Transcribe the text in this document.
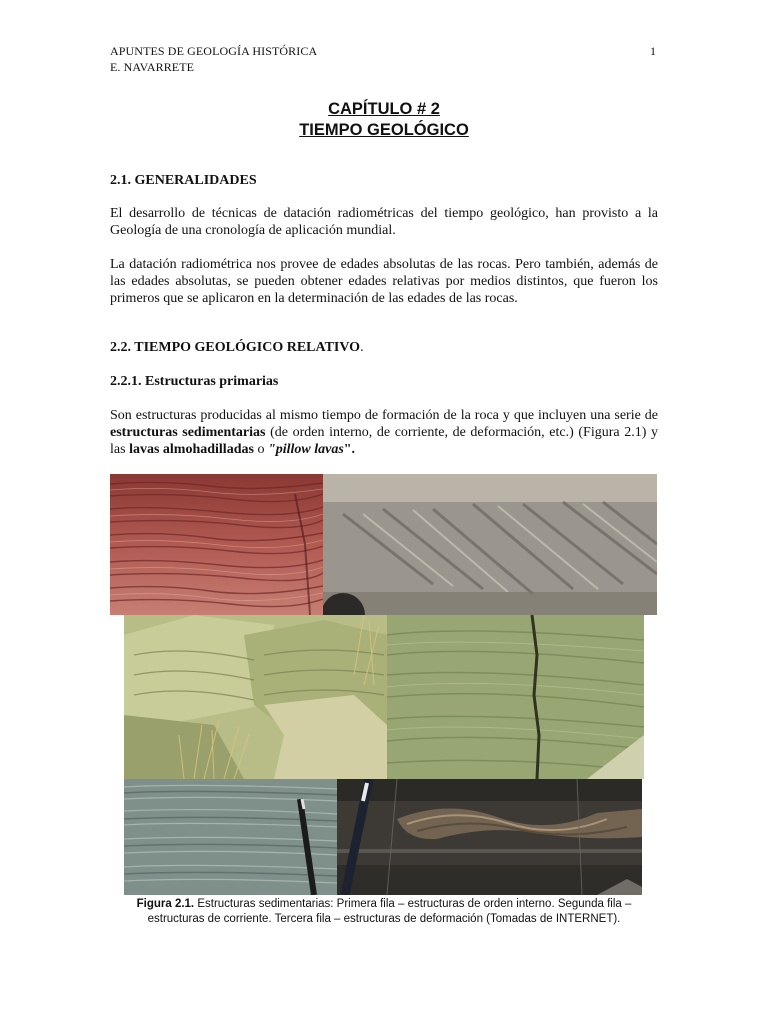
APUNTES DE GEOLOGÍA HISTÓRICA
E. NAVARRETE
1
CAPÍTULO # 2
TIEMPO GEOLÓGICO
2.1. GENERALIDADES
El desarrollo de técnicas de datación radiométricas del tiempo geológico, han provisto a la Geología de una cronología de aplicación mundial.
La datación radiométrica nos provee de edades absolutas de las rocas. Pero también, además de las edades absolutas, se pueden obtener edades relativas por medios distintos, que fueron los primeros que se aplicaron en la determinación de las edades de las rocas.
2.2. TIEMPO GEOLÓGICO RELATIVO.
2.2.1. Estructuras primarias
Son estructuras producidas al mismo tiempo de formación de la roca y que incluyen una serie de estructuras sedimentarias (de orden interno, de corriente, de deformación, etc.) (Figura 2.1) y las lavas almohadilladas o "pillow lavas".
Figura 2.1. Estructuras sedimentarias: Primera fila – estructuras de orden interno. Segunda fila – estructuras de corriente. Tercera fila – estructuras de deformación (Tomadas de INTERNET).
